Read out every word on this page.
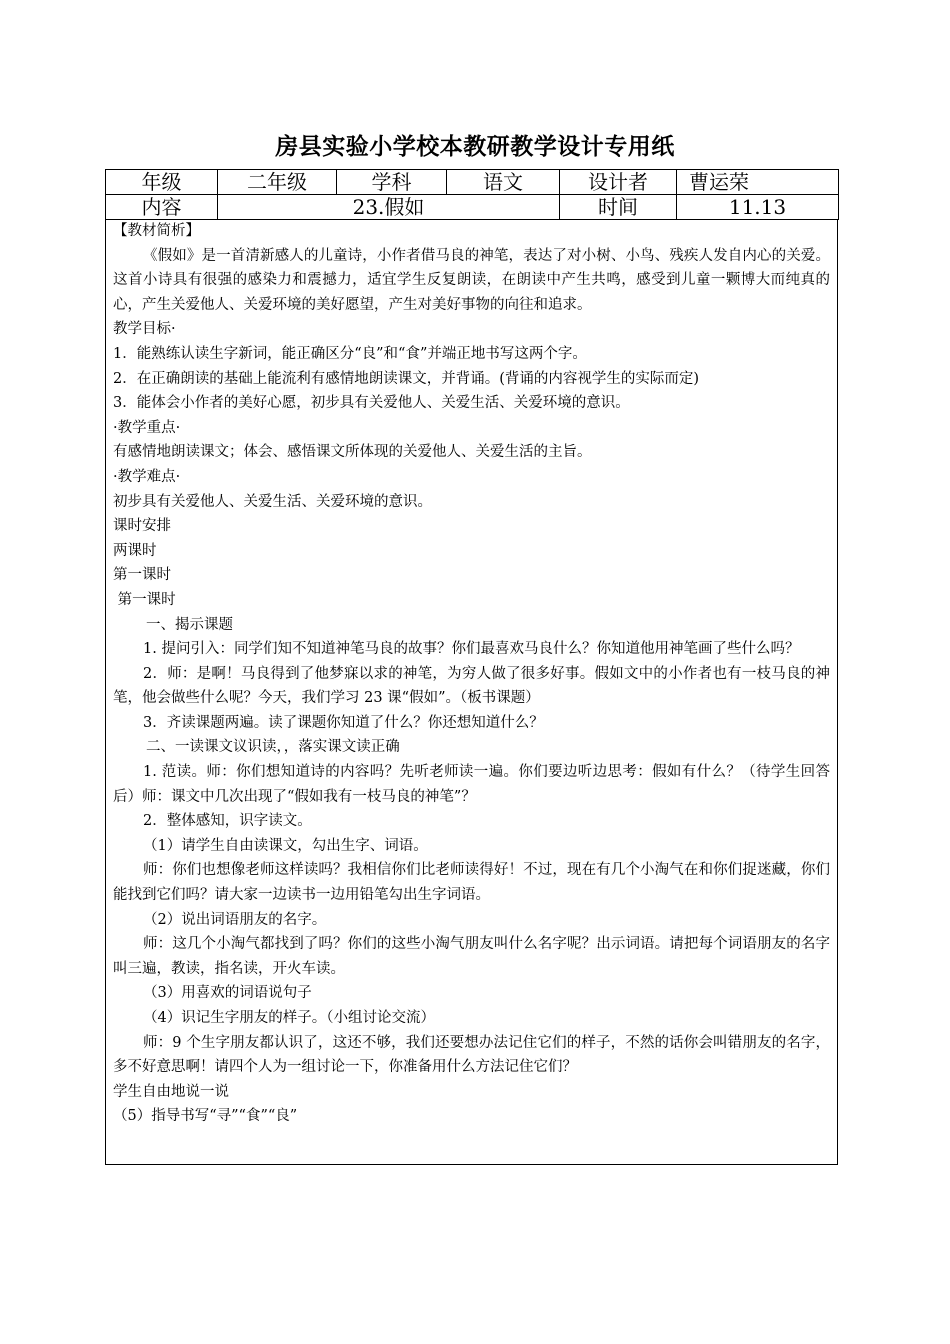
房县实验小学校本教研教学设计专用纸
年级	二年级	学科	语文	设计者	曹运荣
内容	23.假如			时间	11.13

【教材简析】

《假如》是一首清新感人的儿童诗，小作者借马良的神笔，表达了对小树、小鸟、残疾人发自内心的关爱。这首小诗具有很强的感染力和震撼力，适宜学生反复朗读，在朗读中产生共鸣，感受到儿童一颗博大而纯真的心，产生关爱他人、关爱环境的美好愿望，产生对美好事物的向往和追求。

教学目标·

1．能熟练认读生字新词，能正确区分“良”和“食”并端正地书写这两个字。

2．在正确朗读的基础上能流利有感情地朗读课文，并背诵。(背诵的内容视学生的实际而定)

3．能体会小作者的美好心愿，初步具有关爱他人、关爱生活、关爱环境的意识。

·教学重点·

有感情地朗读课文；体会、感悟课文所体现的关爱他人、关爱生活的主旨。

·教学难点·

初步具有关爱他人、关爱生活、关爱环境的意识。

课时安排

两课时

第一课时

第一课时

一、揭示课题

1. 提问引入：同学们知不知道神笔马良的故事？你们最喜欢马良什么？你知道他用神笔画了些什么吗？

2．师：是啊！马良得到了他梦寐以求的神笔，为穷人做了很多好事。假如文中的小作者也有一枝马良的神笔，他会做些什么呢？今天，我们学习 23 课“假如”。（板书课题）

3．齐读课题两遍。读了课题你知道了什么？你还想知道什么？

二、一读课文议识读，，落实课文读正确

1. 范读。师：你们想知道诗的内容吗？先听老师读一遍。你们要边听边思考：假如有什么？（待学生回答后）师：课文中几次出现了“假如我有一枝马良的神笔”？

2．整体感知，识字读文。

（1）请学生自由读课文，勾出生字、词语。

师：你们也想像老师这样读吗？我相信你们比老师读得好！不过，现在有几个小淘气在和你们捉迷藏，你们能找到它们吗？请大家一边读书一边用铅笔勾出生字词语。

（2）说出词语朋友的名字。

师：这几个小淘气都找到了吗？你们的这些小淘气朋友叫什么名字呢？出示词语。请把每个词语朋友的名字叫三遍，教读，指名读，开火车读。

（3）用喜欢的词语说句子

（4）识记生字朋友的样子。（小组讨论交流）

师：9 个生字朋友都认识了，这还不够，我们还要想办法记住它们的样子，不然的话你会叫错朋友的名字，多不好意思啊！请四个人为一组讨论一下，你准备用什么方法记住它们？

学生自由地说一说

（5）指导书写“寻”“食”“良”
